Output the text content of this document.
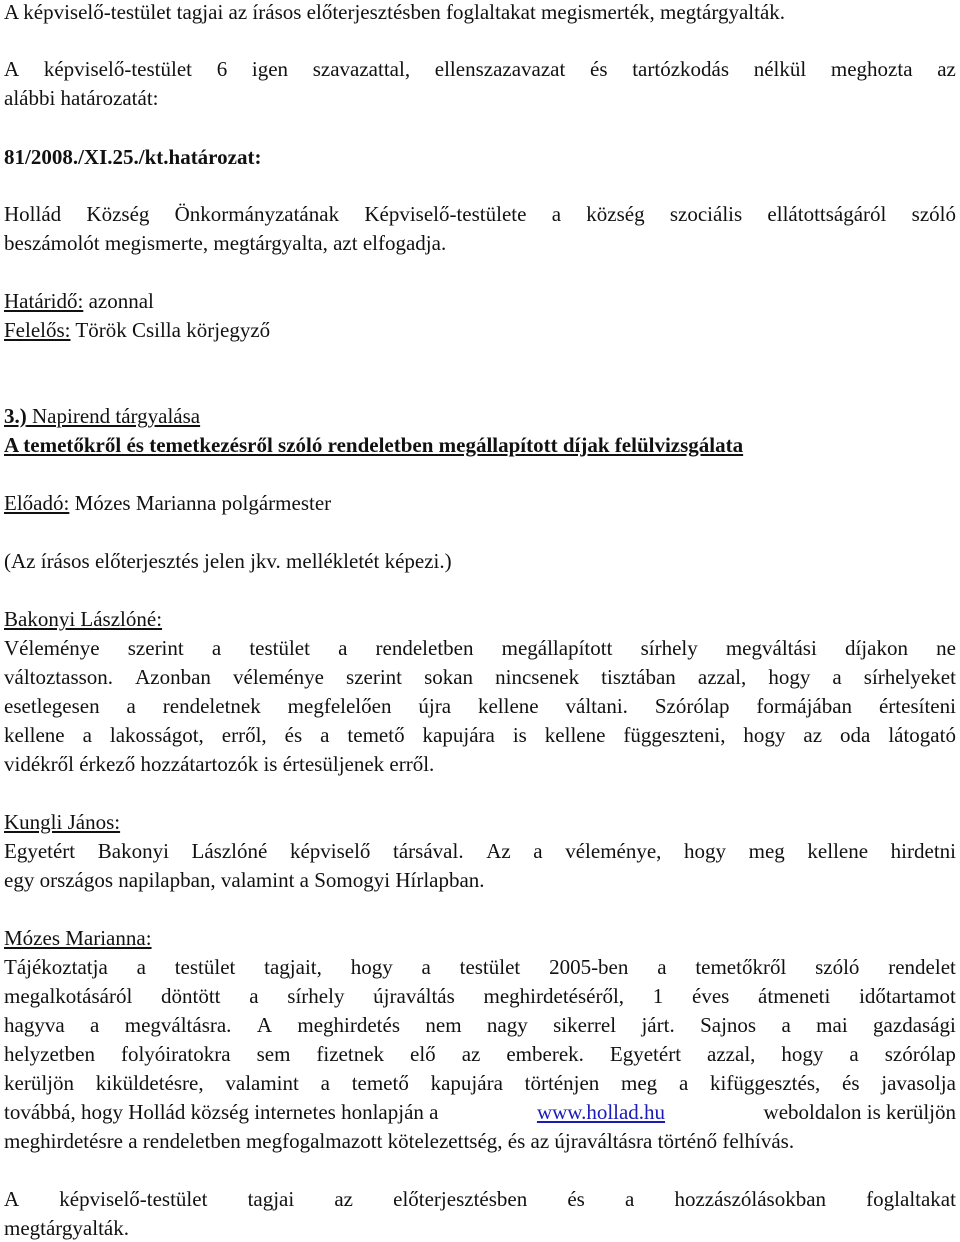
A képviselő-testület tagjai az írásos előterjesztésben foglaltakat megismerték, megtárgyalták.
A képviselő-testület 6 igen szavazattal, ellenszazavazat és tartózkodás nélkül meghozta az
alábbi határozatát:
81/2008./XI.25./kt.határozat:
Hollád Község Önkormányzatának Képviselő-testülete a község szociális ellátottságáról szóló
beszámolót megismerte, megtárgyalta, azt elfogadja.
Határidő: azonnal
Felelős: Török Csilla körjegyző
3.) Napirend tárgyalása
A temetőkről és temetkezésről szóló rendeletben megállapított díjak felülvizsgálata
Előadó: Mózes Marianna polgármester
(Az írásos előterjesztés jelen jkv. mellékletét képezi.)
Bakonyi Lászlóné:
Véleménye szerint a testület a rendeletben megállapított sírhely megváltási díjakon ne
változtasson. Azonban véleménye szerint sokan nincsenek tisztában azzal, hogy a sírhelyeket
esetlegesen a rendeletnek megfelelően újra kellene váltani. Szórólap formájában értesíteni
kellene a lakosságot, erről, és a temető kapujára is kellene függeszteni, hogy az oda látogató
vidékről érkező hozzátartozók is értesüljenek erről.
Kungli János:
Egyetért Bakonyi Lászlóné képviselő társával. Az a véleménye, hogy meg kellene hirdetni
egy országos napilapban, valamint a Somogyi Hírlapban.
Mózes Marianna:
Tájékoztatja a testület tagjait, hogy a testület 2005-ben a temetőkről szóló rendelet
megalkotásáról döntött a sírhely újraváltás meghirdetéséről, 1 éves átmeneti időtartamot
hagyva a megváltásra. A meghirdetés nem nagy sikerrel járt. Sajnos a mai gazdasági
helyzetben folyóiratokra sem fizetnek elő az emberek. Egyetért azzal, hogy a szórólap
kerüljön kiküldetésre, valamint a temető kapujára történjen meg a kifüggesztés, és javasolja
továbbá, hogy Hollád község internetes honlapján a	www.hollad.hu	weboldalon is kerüljön
meghirdetésre a rendeletben megfogalmazott kötelezettség, és az újraváltásra történő felhívás.
A képviselő-testület tagjai az előterjesztésben és a hozzászólásokban foglaltakat
megtárgyalták.
